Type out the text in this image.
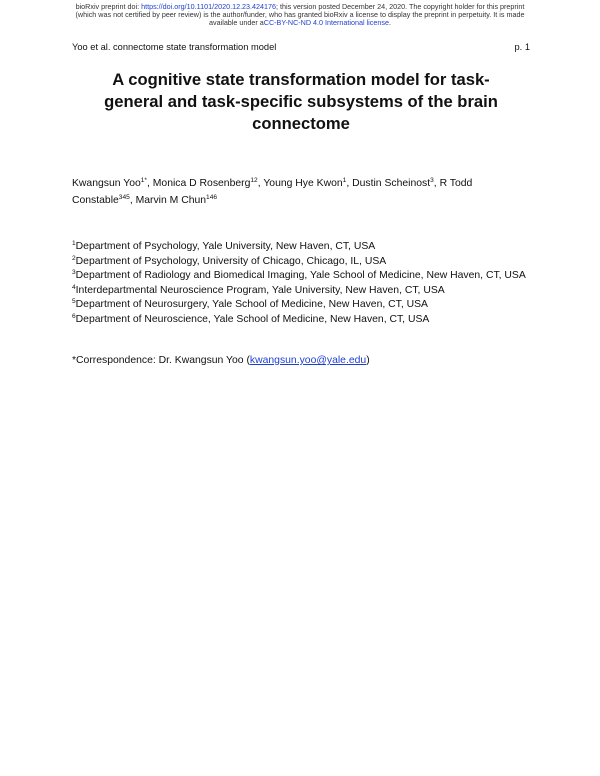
bioRxiv preprint doi: https://doi.org/10.1101/2020.12.23.424176; this version posted December 24, 2020. The copyright holder for this preprint
(which was not certified by peer review) is the author/funder, who has granted bioRxiv a license to display the preprint in perpetuity. It is made
available under aCC-BY-NC-ND 4.0 International license.
Yoo et al. connectome state transformation model	p. 1
A cognitive state transformation model for task-
general and task-specific subsystems of the brain
connectome
Kwangsun Yoo$^{1*}$, Monica D Rosenberg$^{12}$, Young Hye Kwon$^1$, Dustin Scheinost$^3$, R Todd Constable$^{345}$, Marvin M Chun$^{146}$
$^1$Department of Psychology, Yale University, New Haven, CT, USA
$^2$Department of Psychology, University of Chicago, Chicago, IL, USA
$^3$Department of Radiology and Biomedical Imaging, Yale School of Medicine, New Haven, CT, USA
$^4$Interdepartmental Neuroscience Program, Yale University, New Haven, CT, USA
$^5$Department of Neurosurgery, Yale School of Medicine, New Haven, CT, USA
$^6$Department of Neuroscience, Yale School of Medicine, New Haven, CT, USA
*Correspondence: Dr. Kwangsun Yoo (kwangsun.yoo@yale.edu)
